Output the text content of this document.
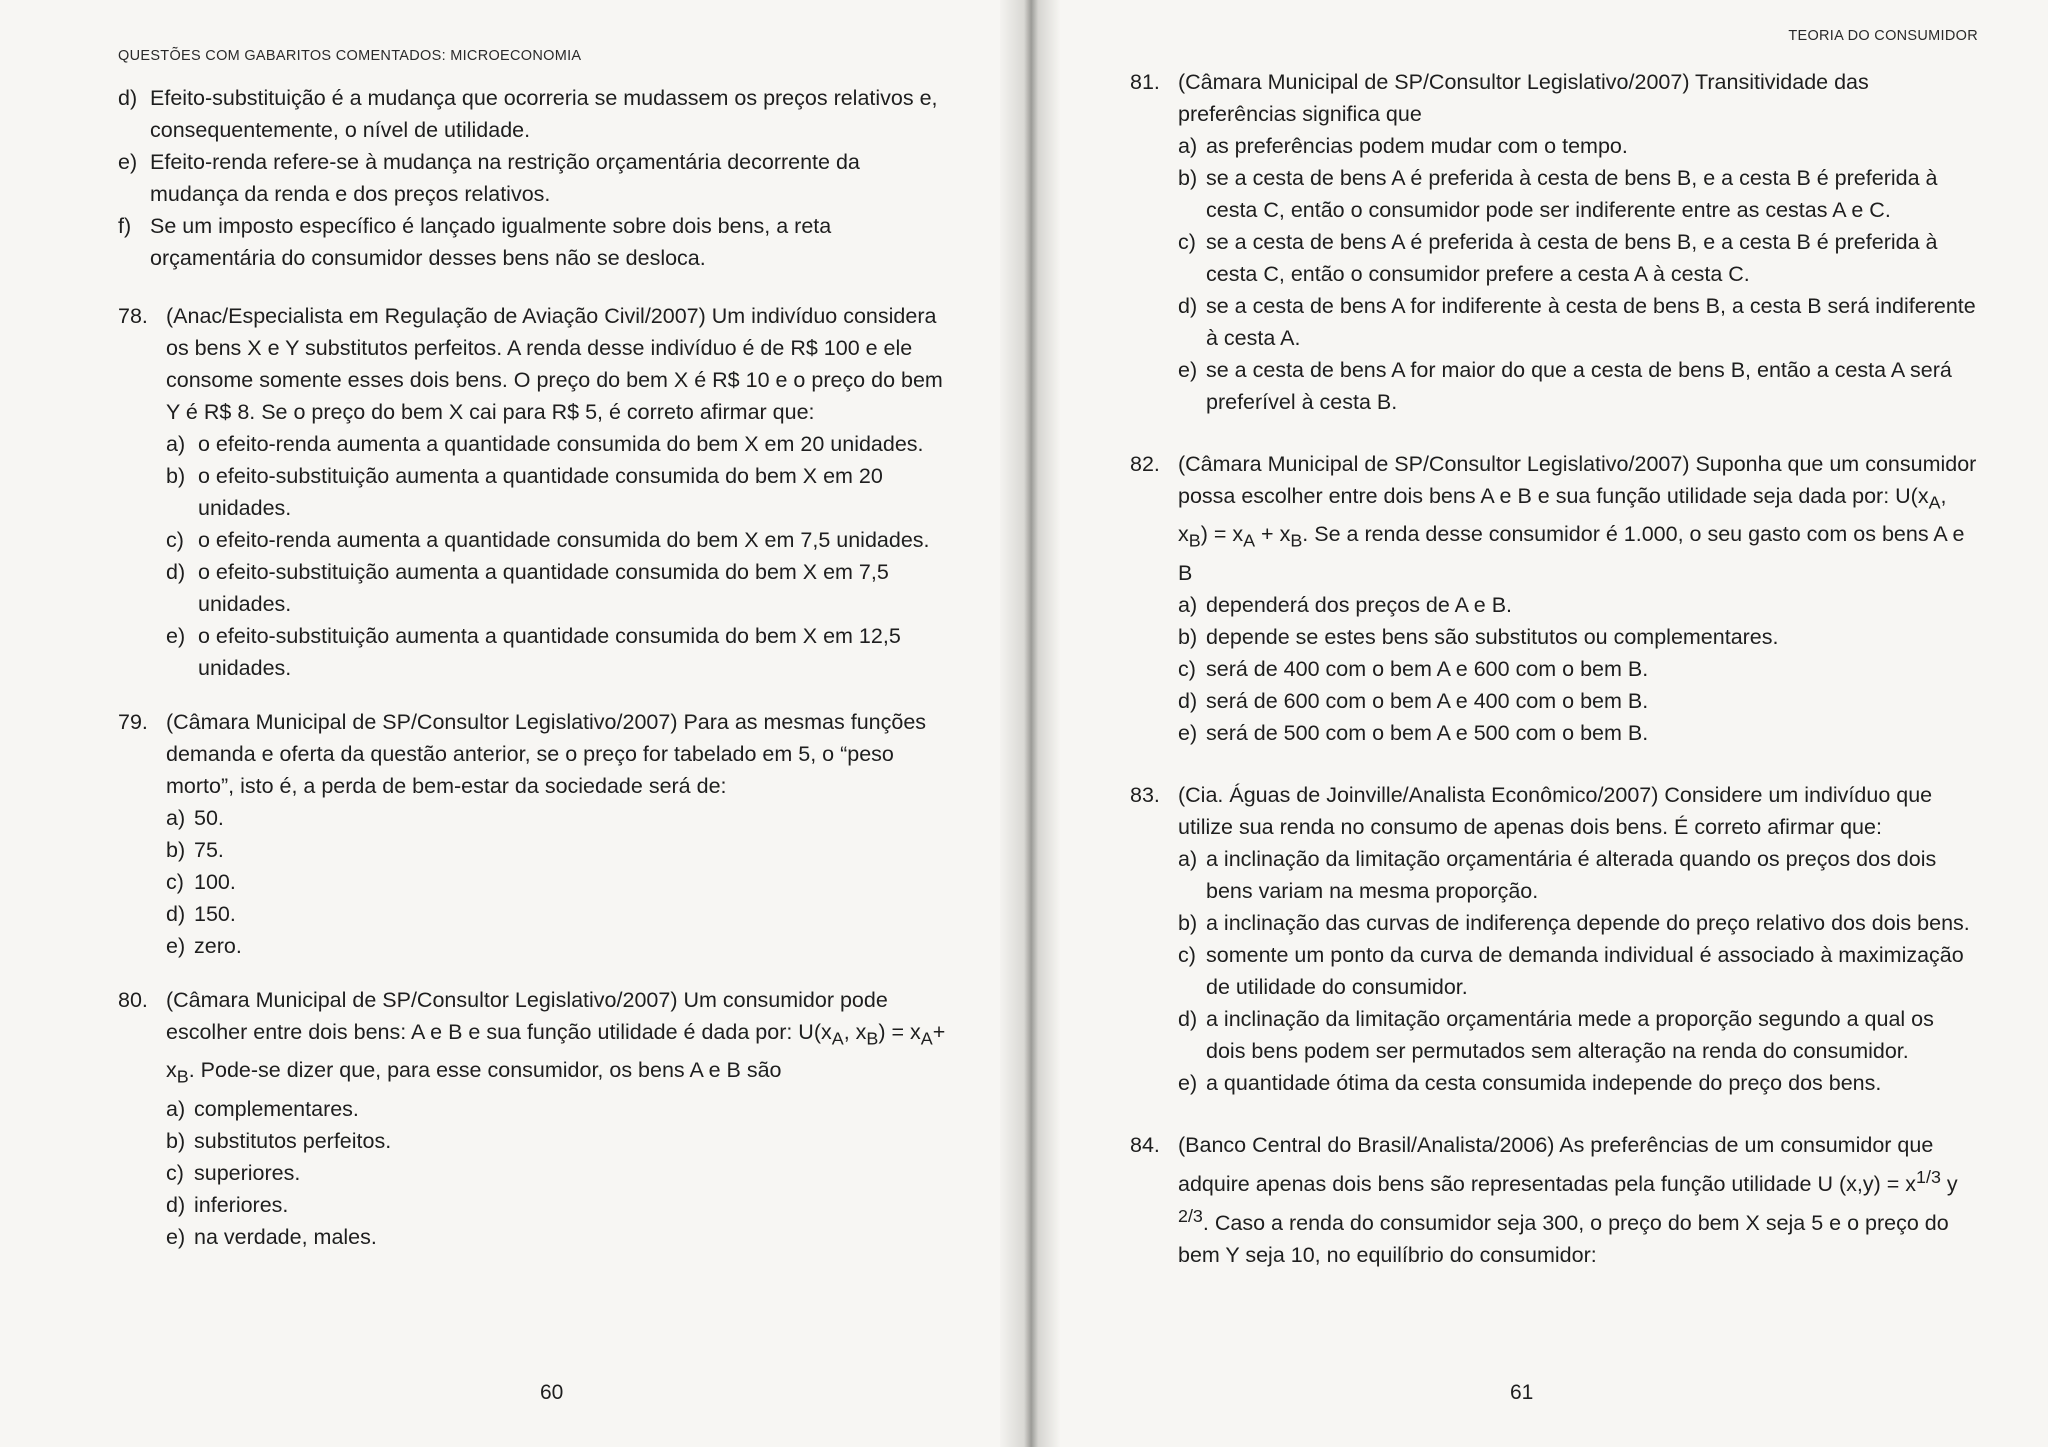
QUESTÕES COM GABARITOS COMENTADOS: MICROECONOMIA
d) Efeito-substituição é a mudança que ocorreria se mudassem os preços relativos e, consequentemente, o nível de utilidade.
e) Efeito-renda refere-se à mudança na restrição orçamentária decorrente da mudança da renda e dos preços relativos.
f) Se um imposto específico é lançado igualmente sobre dois bens, a reta orçamentária do consumidor desses bens não se desloca.
78. (Anac/Especialista em Regulação de Aviação Civil/2007) Um indivíduo considera os bens X e Y substitutos perfeitos. A renda desse indivíduo é de R$ 100 e ele consome somente esses dois bens. O preço do bem X é R$ 10 e o preço do bem Y é R$ 8. Se o preço do bem X cai para R$ 5, é correto afirmar que:
a) o efeito-renda aumenta a quantidade consumida do bem X em 20 unidades.
b) o efeito-substituição aumenta a quantidade consumida do bem X em 20 unidades.
c) o efeito-renda aumenta a quantidade consumida do bem X em 7,5 unidades.
d) o efeito-substituição aumenta a quantidade consumida do bem X em 7,5 unidades.
e) o efeito-substituição aumenta a quantidade consumida do bem X em 12,5 unidades.
79. (Câmara Municipal de SP/Consultor Legislativo/2007) Para as mesmas funções demanda e oferta da questão anterior, se o preço for tabelado em 5, o “peso morto”, isto é, a perda de bem-estar da sociedade será de:
a) 50.
b) 75.
c) 100.
d) 150.
e) zero.
80. (Câmara Municipal de SP/Consultor Legislativo/2007) Um consumidor pode escolher entre dois bens: A e B e sua função utilidade é dada por: $U(x_A$, $x_B) = x_A+ x_B$. Pode-se dizer que, para esse consumidor, os bens A e B são
a) complementares.
b) substitutos perfeitos.
c) superiores.
d) inferiores.
e) na verdade, males.
60
TEORIA DO CONSUMIDOR
81. (Câmara Municipal de SP/Consultor Legislativo/2007) Transitividade das preferências significa que
a) as preferências podem mudar com o tempo.
b) se a cesta de bens A é preferida à cesta de bens B, e a cesta B é preferida à cesta C, então o consumidor pode ser indiferente entre as cestas A e C.
c) se a cesta de bens A é preferida à cesta de bens B, e a cesta B é preferida à cesta C, então o consumidor prefere a cesta A à cesta C.
d) se a cesta de bens A for indiferente à cesta de bens B, a cesta B será indiferente à cesta A.
e) se a cesta de bens A for maior do que a cesta de bens B, então a cesta A será preferível à cesta B.
82. (Câmara Municipal de SP/Consultor Legislativo/2007) Suponha que um consumidor possa escolher entre dois bens A e B e sua função utilidade seja dada por: $U(x_A$, $x_B) = x_A + x_B$. Se a renda desse consumidor é 1.000, o seu gasto com os bens A e B
a) dependerá dos preços de A e B.
b) depende se estes bens são substitutos ou complementares.
c) será de 400 com o bem A e 600 com o bem B.
d) será de 600 com o bem A e 400 com o bem B.
e) será de 500 com o bem A e 500 com o bem B.
83. (Cia. Águas de Joinville/Analista Econômico/2007) Considere um indivíduo que utilize sua renda no consumo de apenas dois bens. É correto afirmar que:
a) a inclinação da limitação orçamentária é alterada quando os preços dos dois bens variam na mesma proporção.
b) a inclinação das curvas de indiferença depende do preço relativo dos dois bens.
c) somente um ponto da curva de demanda individual é associado à maximização de utilidade do consumidor.
d) a inclinação da limitação orçamentária mede a proporção segundo a qual os dois bens podem ser permutados sem alteração na renda do consumidor.
e) a quantidade ótima da cesta consumida independe do preço dos bens.
84. (Banco Central do Brasil/Analista/2006) As preferências de um consumidor que adquire apenas dois bens são representadas pela função utilidade U $(x,y) = x^{1/3}$ y $^{2/3}$. Caso a renda do consumidor seja 300, o preço do bem X seja 5 e o preço do bem Y seja 10, no equilíbrio do consumidor:
61
